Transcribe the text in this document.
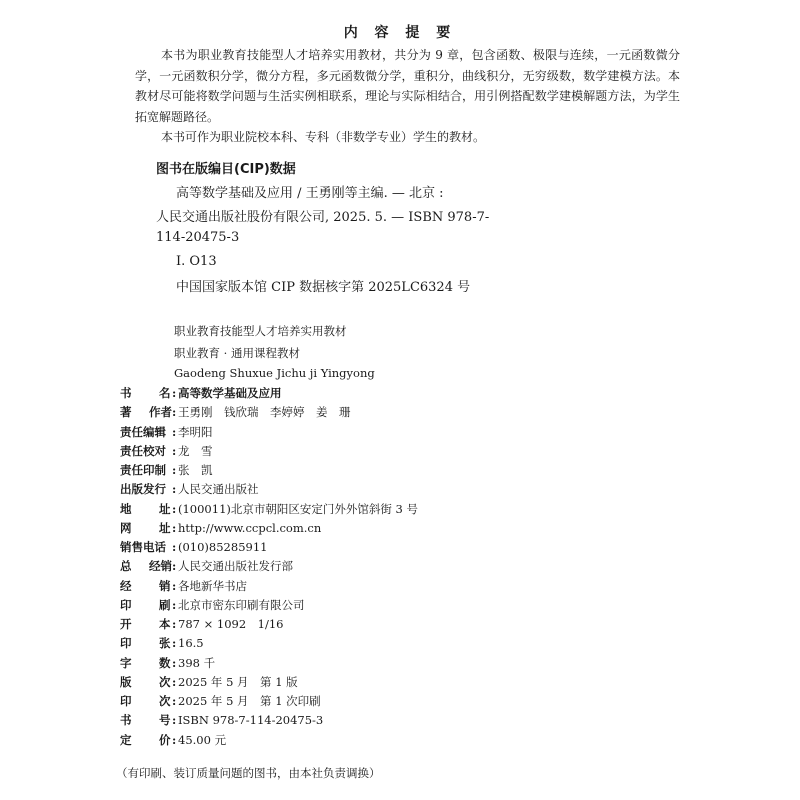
内 容 提 要

本书为职业教育技能型人才培养实用教材，共分为 9 章，包含函数、极限与连续，一元函数微分学，一元函数积分学，微分方程，多元函数微分学，重积分，曲线积分，无穷级数，数学建模方法。本教材尽可能将数学问题与生活实例相联系，理论与实际相结合，用引例搭配数学建模解题方法，为学生拓宽解题路径。

本书可作为职业院校本科、专科（非数学专业）学生的教材。

图书在版编目(CIP)数据
高等数学基础及应用 / 王勇刚等主编. — 北京 :
人民交通出版社股份有限公司, 2025. 5. — ISBN 978-7-
114-20475-3
Ⅰ. O13
中国国家版本馆 CIP 数据核字第 2025LC6324 号
职业教育技能型人才培养实用教材
职业教育 · 通用课程教材
Gaodeng Shuxue Jichu ji Yingyong
书 名 : 高等数学基础及应用
著 作者: 王勇刚　钱欣瑞　李婷婷　姜　珊
责任编辑 : 李明阳
责任校对 : 龙　雪
责任印制 : 张　凯
出版发行 : 人民交通出版社
地 址 : (100011)北京市朝阳区安定门外外馆斜街 3 号
网 址 : http://www.ccpcl.com.cn
销售电话 : (010)85285911
总 经销: 人民交通出版社发行部
经 销 : 各地新华书店
印 刷 : 北京市密东印刷有限公司
开 本 : 787 × 1092　1/16
印 张 : 16.5
字 数 : 398 千
版 次 : 2025 年 5 月　第 1 版
印 次 : 2025 年 5 月　第 1 次印刷
书 号 : ISBN 978-7-114-20475-3
定 价 : 45.00 元
（有印刷、装订质量问题的图书，由本社负责调换）
